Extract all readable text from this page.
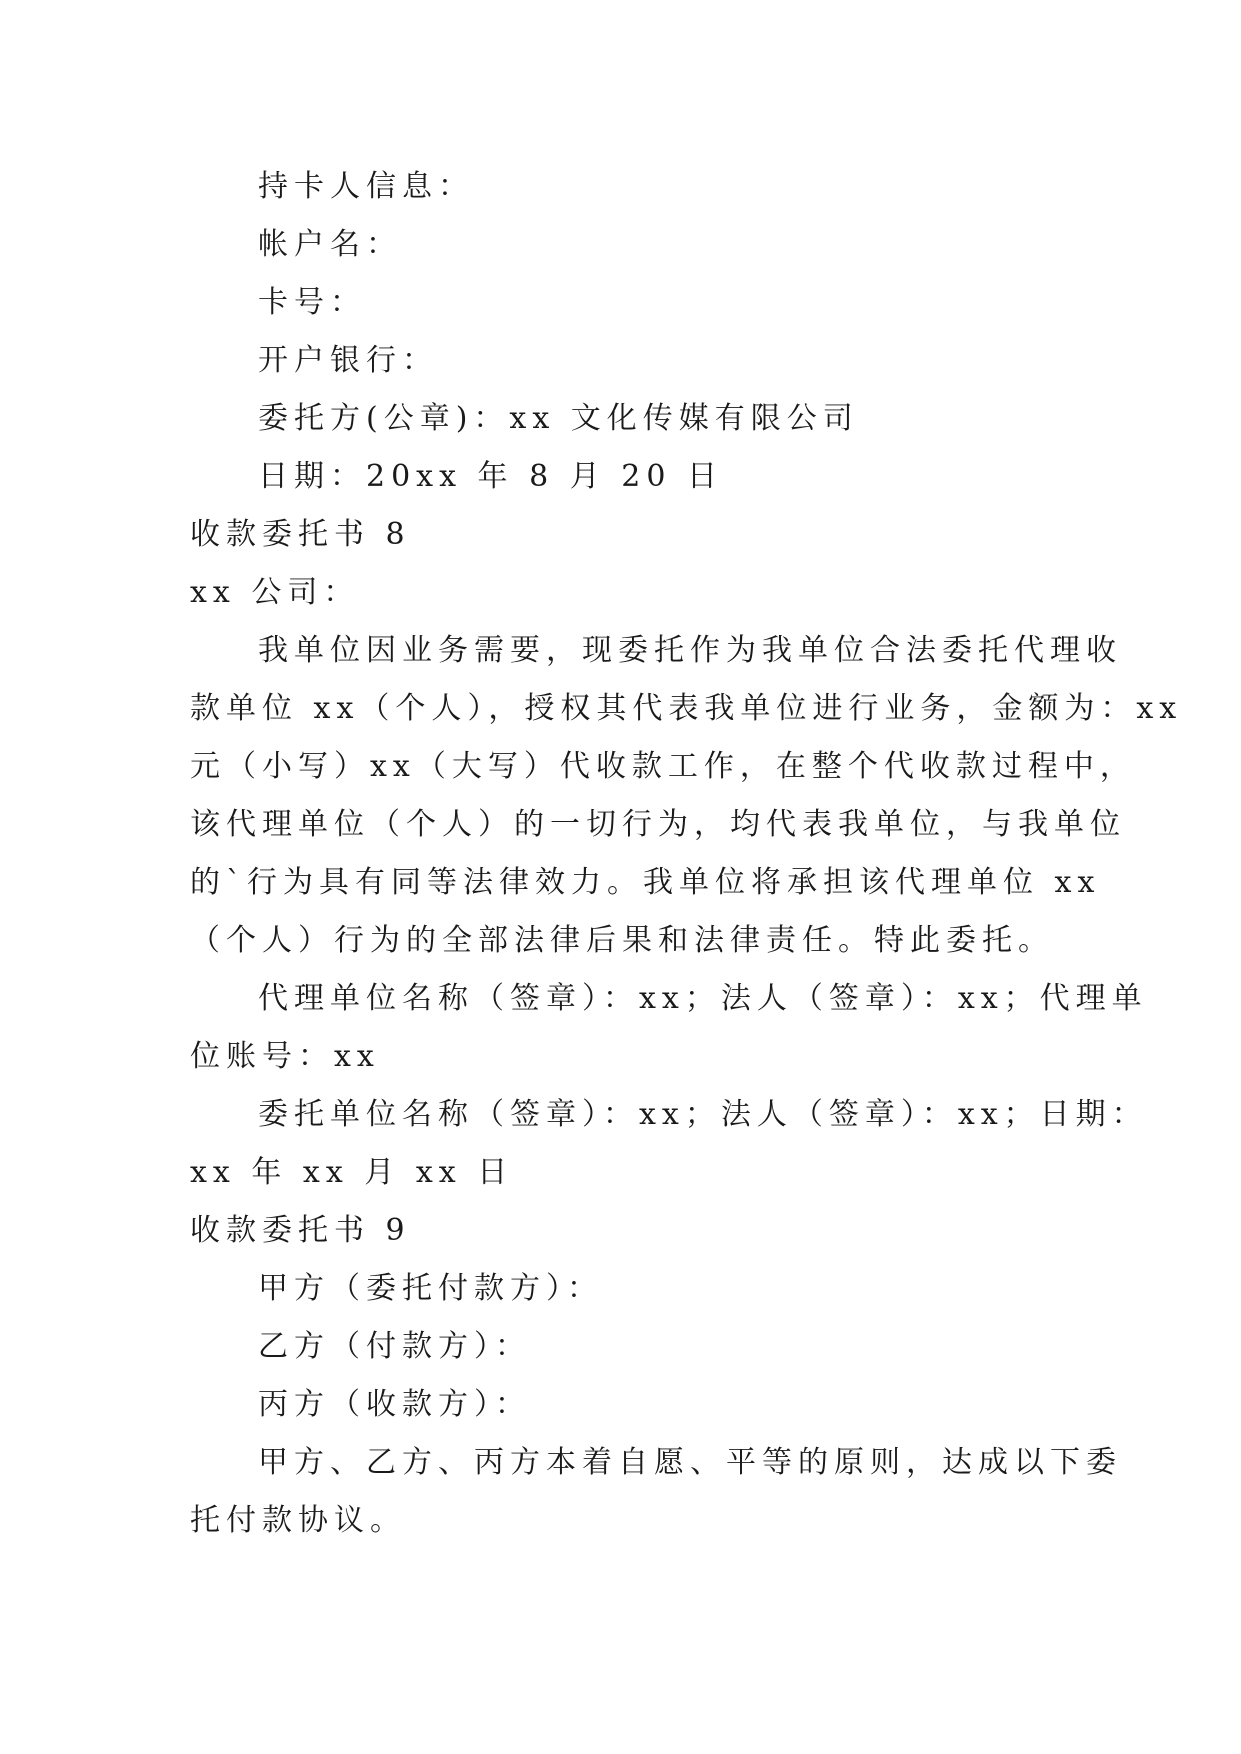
持卡人信息：
帐户名：
卡号：
开户银行：
委托方(公章)：xx 文化传媒有限公司
日期：20xx 年 8 月 20 日
收款委托书 8
xx 公司：
我单位因业务需要，现委托作为我单位合法委托代理收
款单位 xx（个人），授权其代表我单位进行业务，金额为：xx
元（小写）xx（大写）代收款工作，在整个代收款过程中，
该代理单位（个人）的一切行为，均代表我单位，与我单位
的`行为具有同等法律效力。我单位将承担该代理单位 xx
（个人）行为的全部法律后果和法律责任。特此委托。
代理单位名称（签章）：xx；法人（签章）：xx；代理单
位账号：xx
委托单位名称（签章）：xx；法人（签章）：xx；日期：
xx 年 xx 月 xx 日
收款委托书 9
甲方（委托付款方）：
乙方（付款方）：
丙方（收款方）：
甲方、乙方、丙方本着自愿、平等的原则，达成以下委
托付款协议。
